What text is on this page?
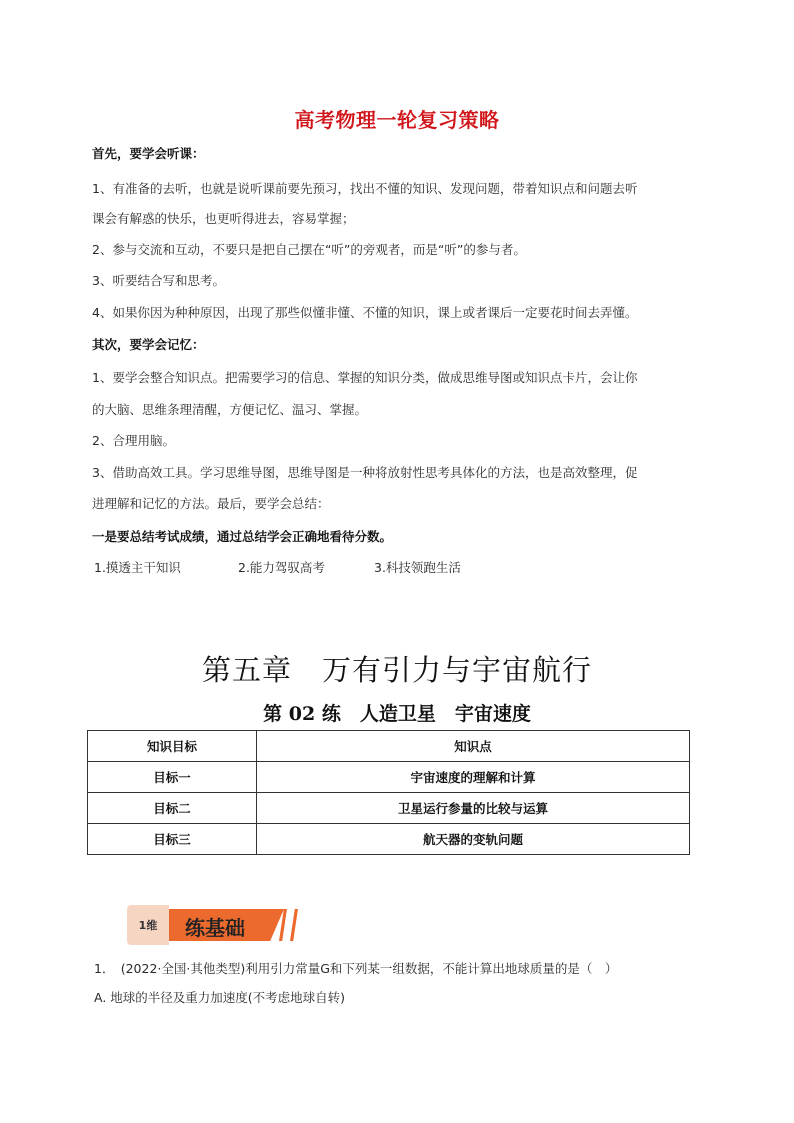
高考物理一轮复习策略
首先，要学会听课：
1、有准备的去听，也就是说听课前要先预习，找出不懂的知识、发现问题，带着知识点和问题去听
课会有解惑的快乐，也更听得进去，容易掌握；
2、参与交流和互动，不要只是把自己摆在“听”的旁观者，而是“听”的参与者。
3、听要结合写和思考。
4、如果你因为种种原因，出现了那些似懂非懂、不懂的知识，课上或者课后一定要花时间去弄懂。
其次，要学会记忆：
1、要学会整合知识点。把需要学习的信息、掌握的知识分类，做成思维导图或知识点卡片，会让你
的大脑、思维条理清醒，方便记忆、温习、掌握。
2、合理用脑。
3、借助高效工具。学习思维导图，思维导图是一种将放射性思考具体化的方法，也是高效整理，促
进理解和记忆的方法。最后，要学会总结：
一是要总结考试成绩，通过总结学会正确地看待分数。
1.摸透主干知识	2.能力驾驭高考	3.科技领跑生活
第五章　万有引力与宇宙航行
第 02 练　人造卫星　宇宙速度
知识目标	知识点
目标一	宇宙速度的理解和计算
目标二	卫星运行参量的比较与运算
目标三	航天器的变轨问题
1维	练基础
1．　(2022·全国·其他类型)利用引力常量G和下列某一组数据，不能计算出地球质量的是（　）
A. 地球的半径及重力加速度(不考虑地球自转)
